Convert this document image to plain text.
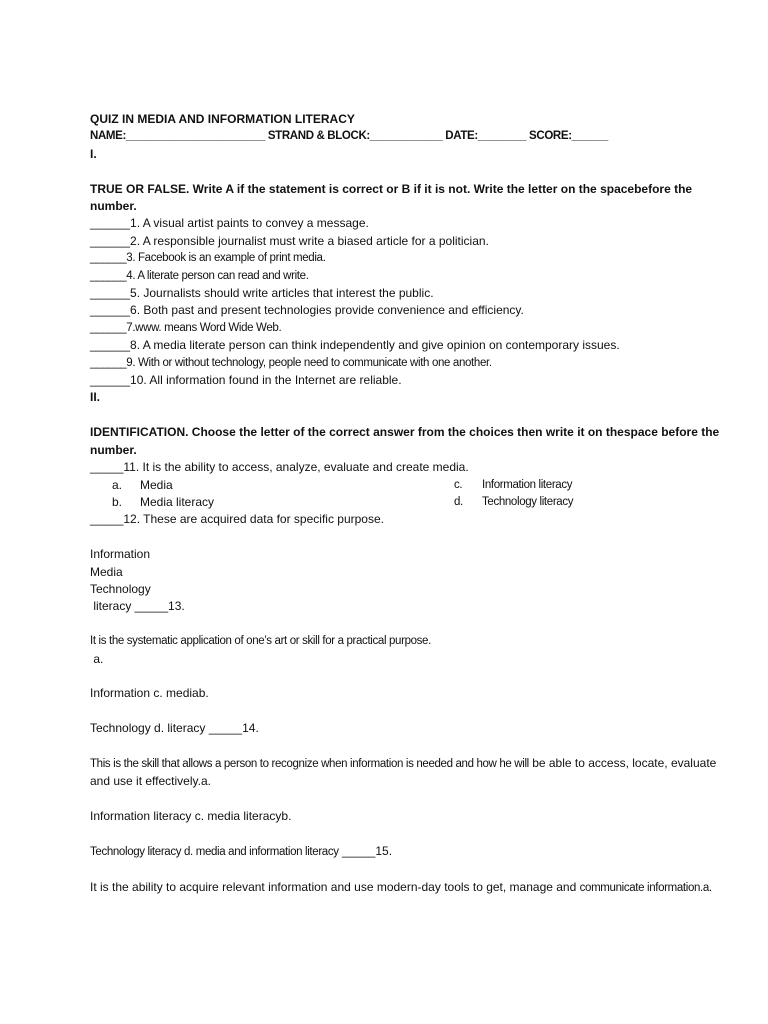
QUIZ IN MEDIA AND INFORMATION LITERACY
NAME:_______________________ STRAND & BLOCK:____________ DATE:________ SCORE:______
I.
TRUE OR FALSE. Write A if the statement is correct or B if it is not. Write the letter on the spacebefore the number.
______1. A visual artist paints to convey a message.
______2. A responsible journalist must write a biased article for a politician.
______3. Facebook is an example of print media.
______4. A literate person can read and write.
______5. Journalists should write articles that interest the public.
______6. Both past and present technologies provide convenience and efficiency.
______7.www. means Word Wide Web.
______8. A media literate person can think independently and give opinion on contemporary issues.
______9. With or without technology, people need to communicate with one another.
______10. All information found in the Internet are reliable.
II.
IDENTIFICATION. Choose the letter of the correct answer from the choices then write it on thespace before the number.
_____11. It is the ability to access, analyze, evaluate and create media.
a.	Media	c.	Information literacy
b.	Media literacy	d.	Technology literacy
_____12. These are acquired data for specific purpose.
Information
Media
Technology
literacy _____13.
It is the systematic application of one’s art or skill for a practical purpose.
a.
Information c. mediab.
Technology d. literacy _____14.
This is the skill that allows a person to recognize when information is needed and how he will be able to access, locate, evaluate and use it effectively.a.
Information literacy c. media literacyb.
Technology literacy d. media and information literacy _____15.
It is the ability to acquire relevant information and use modern-day tools to get, manage and communicate information.a.
